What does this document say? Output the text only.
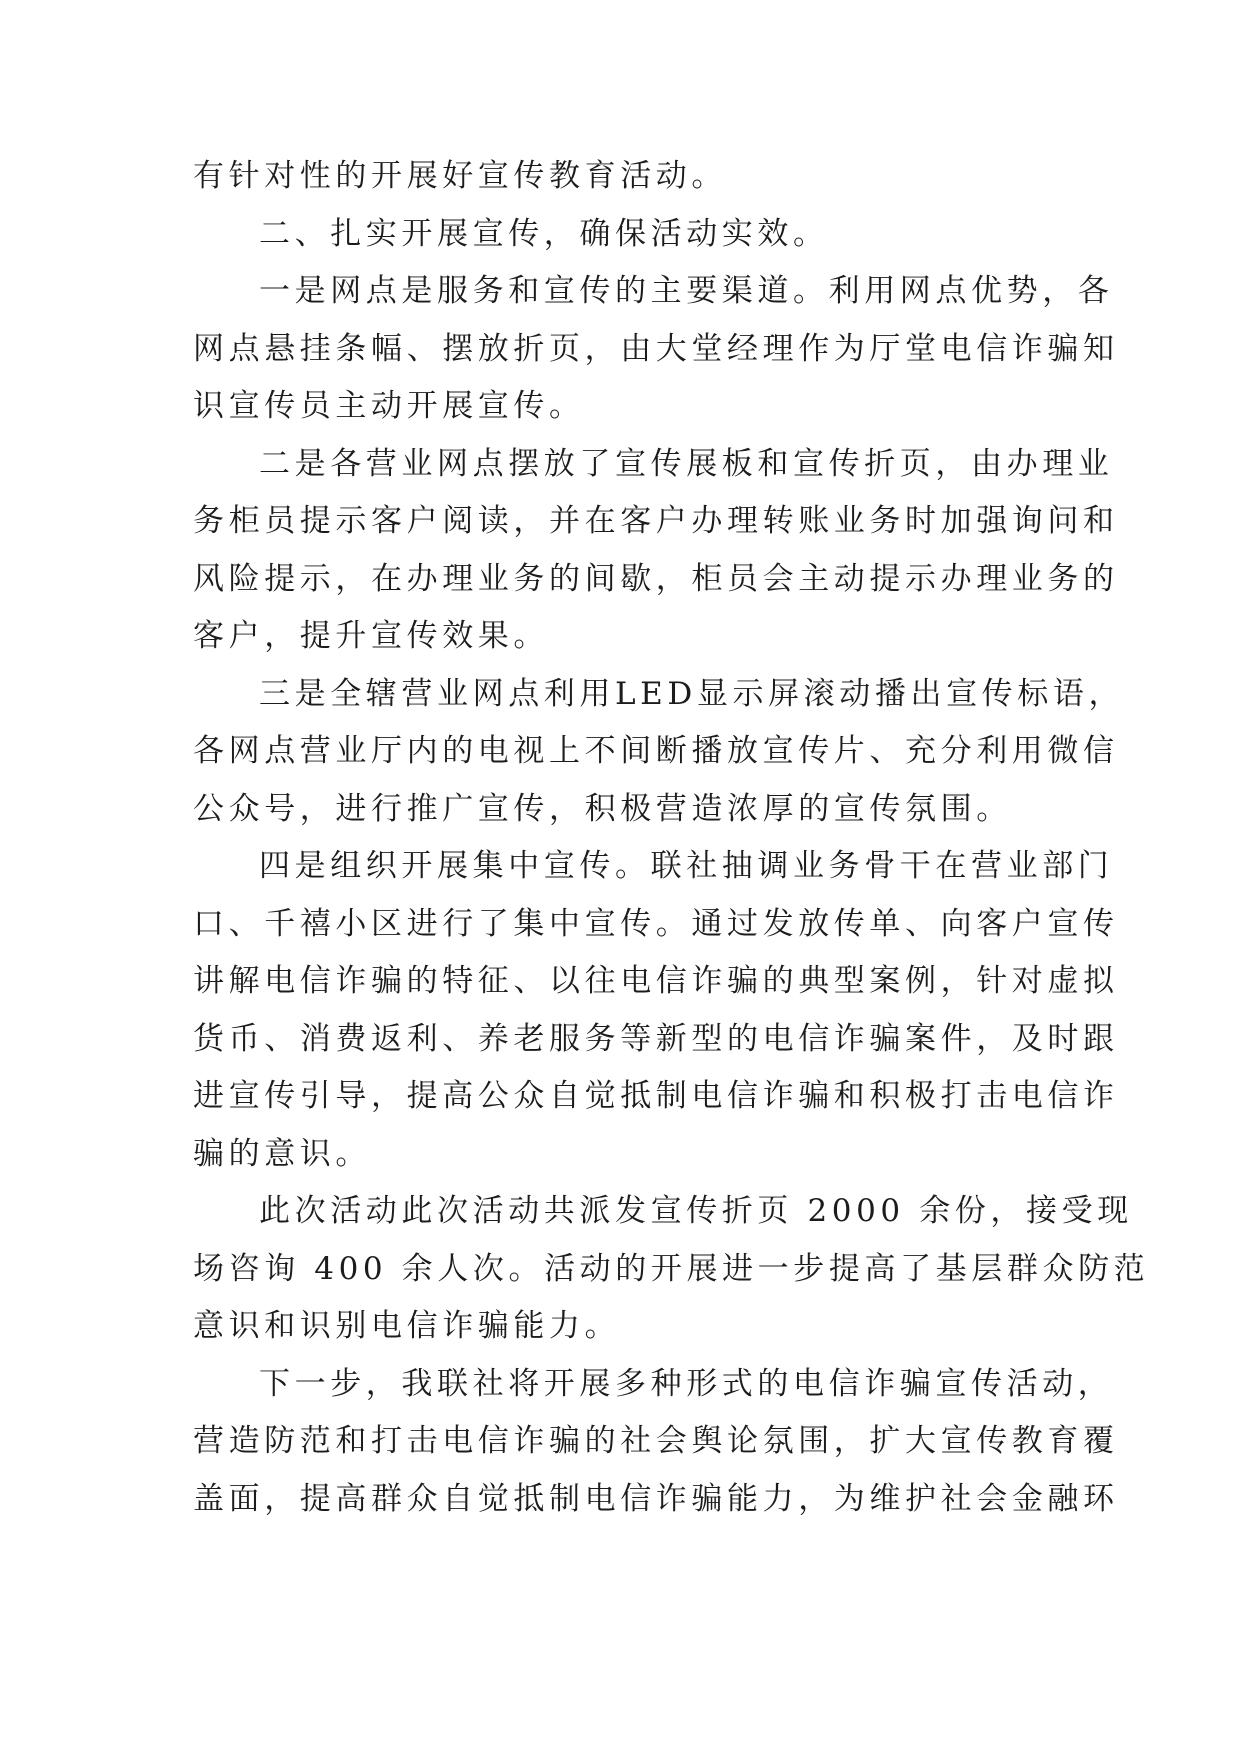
有针对性的开展好宣传教育活动。
二、扎实开展宣传，确保活动实效。
一是网点是服务和宣传的主要渠道。利用网点优势，各
网点悬挂条幅、摆放折页，由大堂经理作为厅堂电信诈骗知
识宣传员主动开展宣传。
二是各营业网点摆放了宣传展板和宣传折页，由办理业
务柜员提示客户阅读，并在客户办理转账业务时加强询问和
风险提示，在办理业务的间歇，柜员会主动提示办理业务的
客户，提升宣传效果。
三是全辖营业网点利用LED显示屏滚动播出宣传标语，
各网点营业厅内的电视上不间断播放宣传片、充分利用微信
公众号，进行推广宣传，积极营造浓厚的宣传氛围。
四是组织开展集中宣传。联社抽调业务骨干在营业部门
口、千禧小区进行了集中宣传。通过发放传单、向客户宣传
讲解电信诈骗的特征、以往电信诈骗的典型案例，针对虚拟
货币、消费返利、养老服务等新型的电信诈骗案件，及时跟
进宣传引导，提高公众自觉抵制电信诈骗和积极打击电信诈
骗的意识。
此次活动此次活动共派发宣传折页 2000 余份，接受现
场咨询 400 余人次。活动的开展进一步提高了基层群众防范
意识和识别电信诈骗能力。
下一步，我联社将开展多种形式的电信诈骗宣传活动，
营造防范和打击电信诈骗的社会舆论氛围，扩大宣传教育覆
盖面，提高群众自觉抵制电信诈骗能力，为维护社会金融环
